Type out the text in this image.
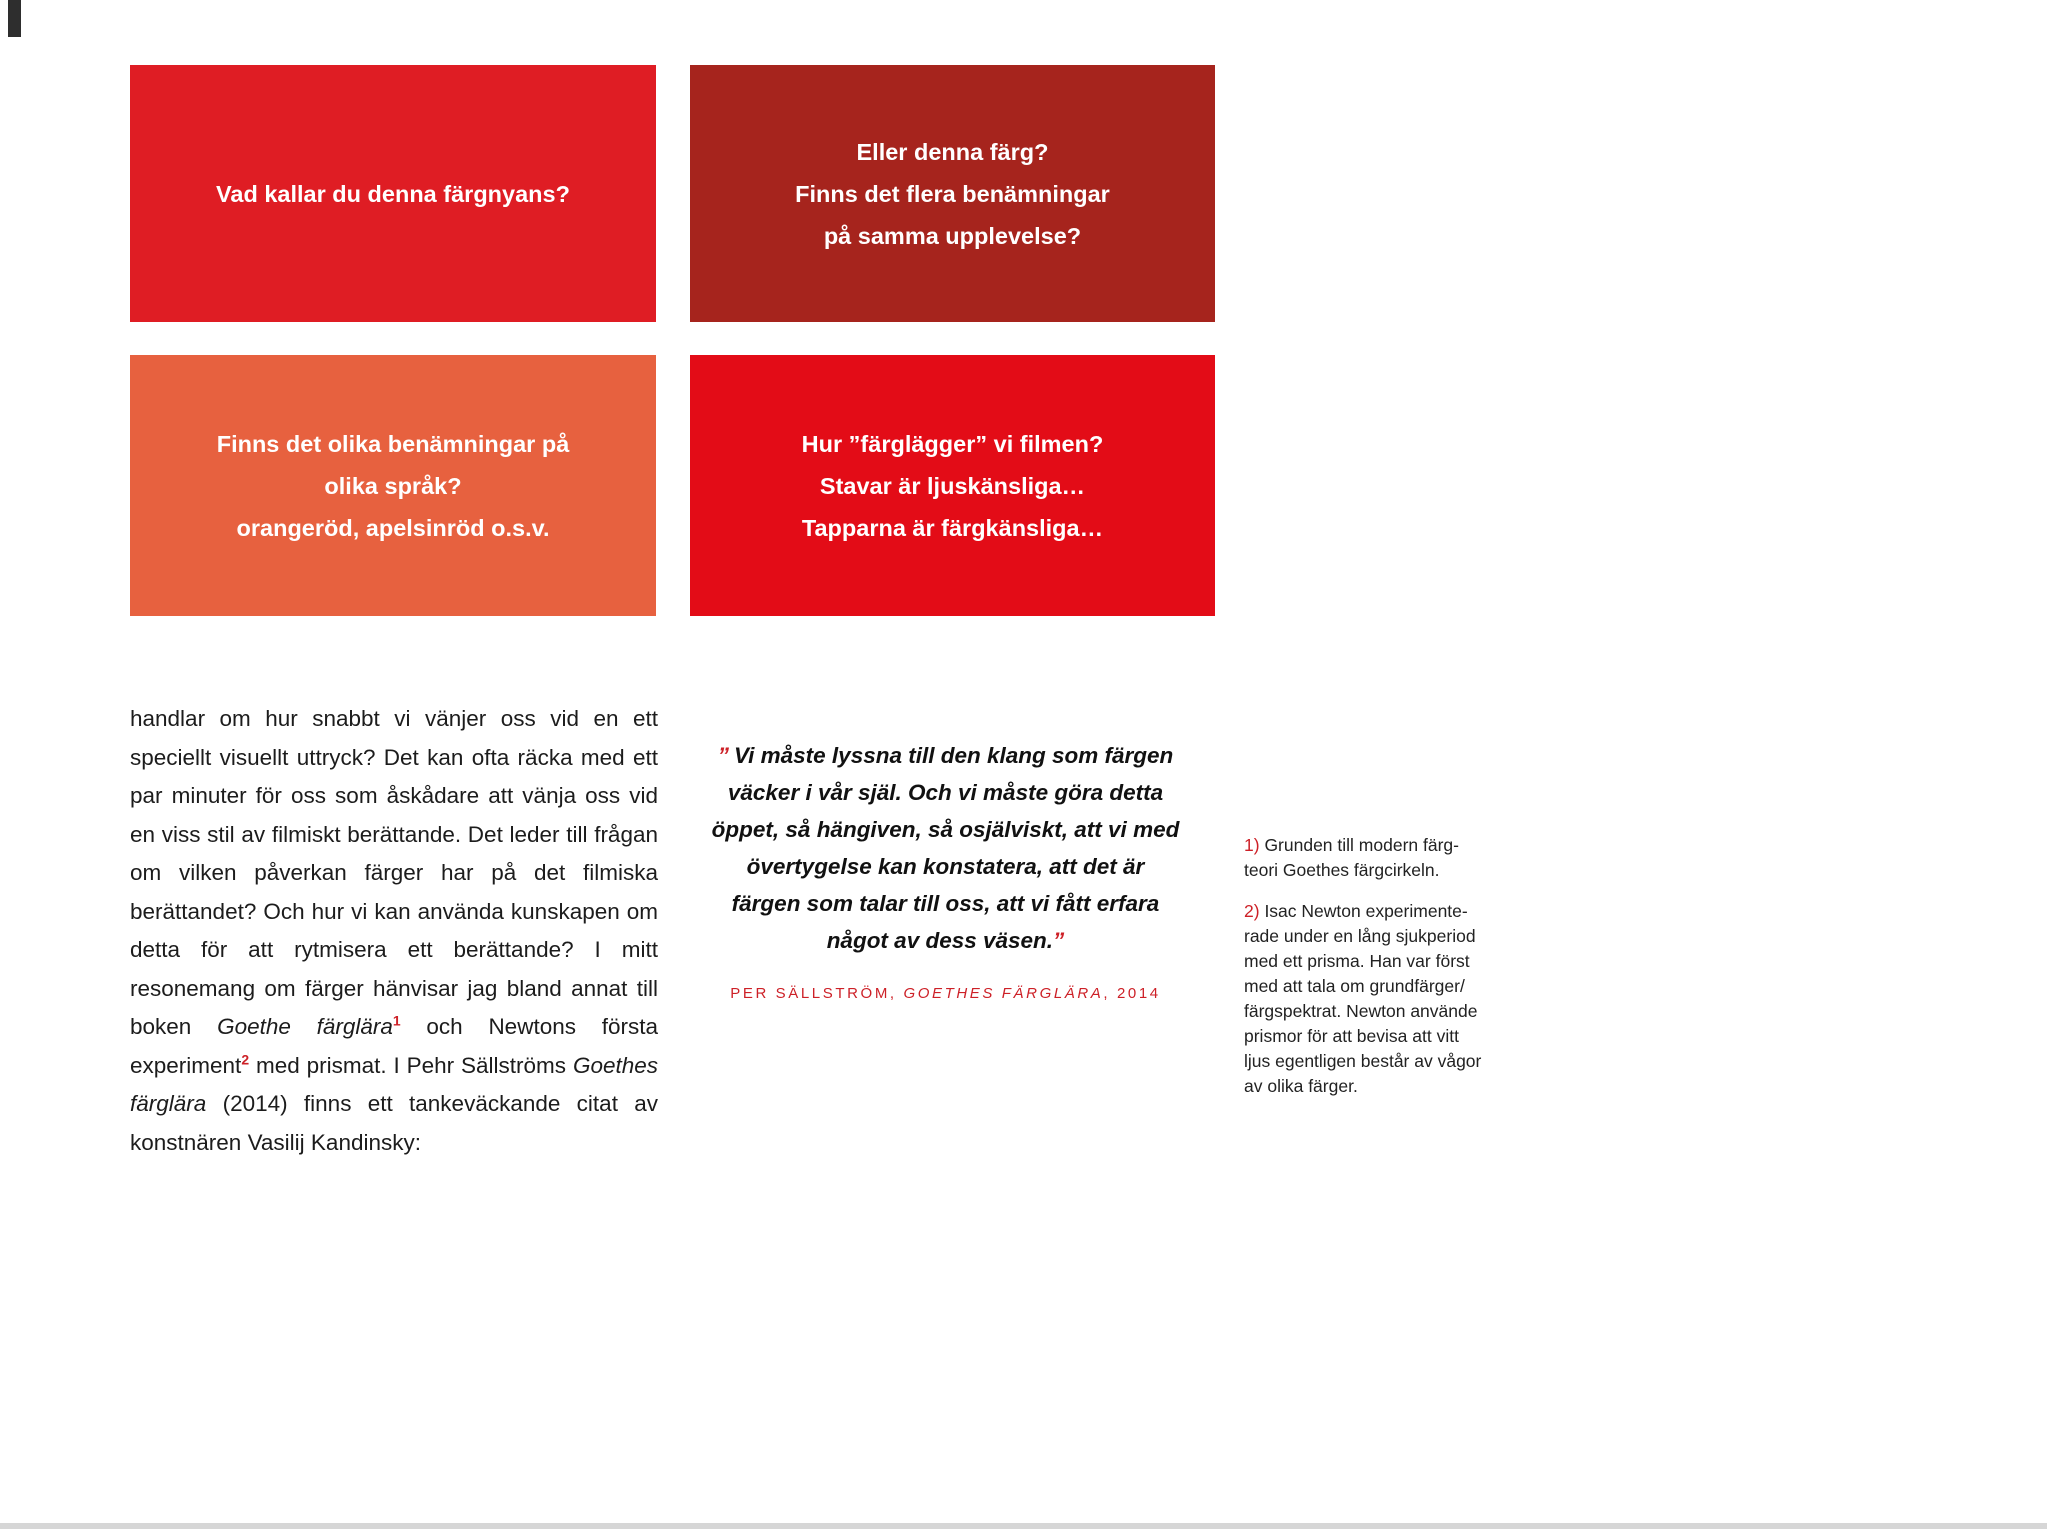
Vad kallar du denna färgnyans?
Eller denna färg?
Finns det flera benämningar
på samma upplevelse?
Finns det olika benämningar på
olika språk?
orangeröd, apelsinröd o.s.v.
Hur ”färglägger” vi filmen?
Stavar är ljuskänsliga…
Tapparna är färgkänsliga…

handlar om hur snabbt vi vänjer oss vid en ett speciellt visuellt uttryck? Det kan ofta räcka med ett par minuter för oss som åskådare att vänja oss vid en viss stil av filmiskt berättande. Det leder till frågan om vilken påverkan färger har på det filmiska berättandet? Och hur vi kan använda kunskapen om detta för att rytmisera ett berättande? I mitt resonemang om färger hänvisar jag bland annat till boken Goethe färglära$^1$ och Newtons första experiment$^2$ med prismat. I Pehr Sällströms Goethes färglära (2014) finns ett tankeväckande citat av konstnären Vasilij Kandinsky:

” Vi måste lyssna till den klang som färgen
väcker i vår själ. Och vi måste göra detta
öppet, så hängiven, så osjälviskt, att vi med
övertygelse kan konstatera, att det är
färgen som talar till oss, att vi fått erfara
något av dess väsen.”
PER SÄLLSTRÖM, GOETHES FÄRGLÄRA, 2014

1) Grunden till modern färg-
teori Goethes färgcirkeln.

2) Isac Newton experimente-
rade under en lång sjukperiod
med ett prisma. Han var först
med att tala om grundfärger/
färgspektrat. Newton använde
prismor för att bevisa att vitt
ljus egentligen består av vågor
av olika färger.
